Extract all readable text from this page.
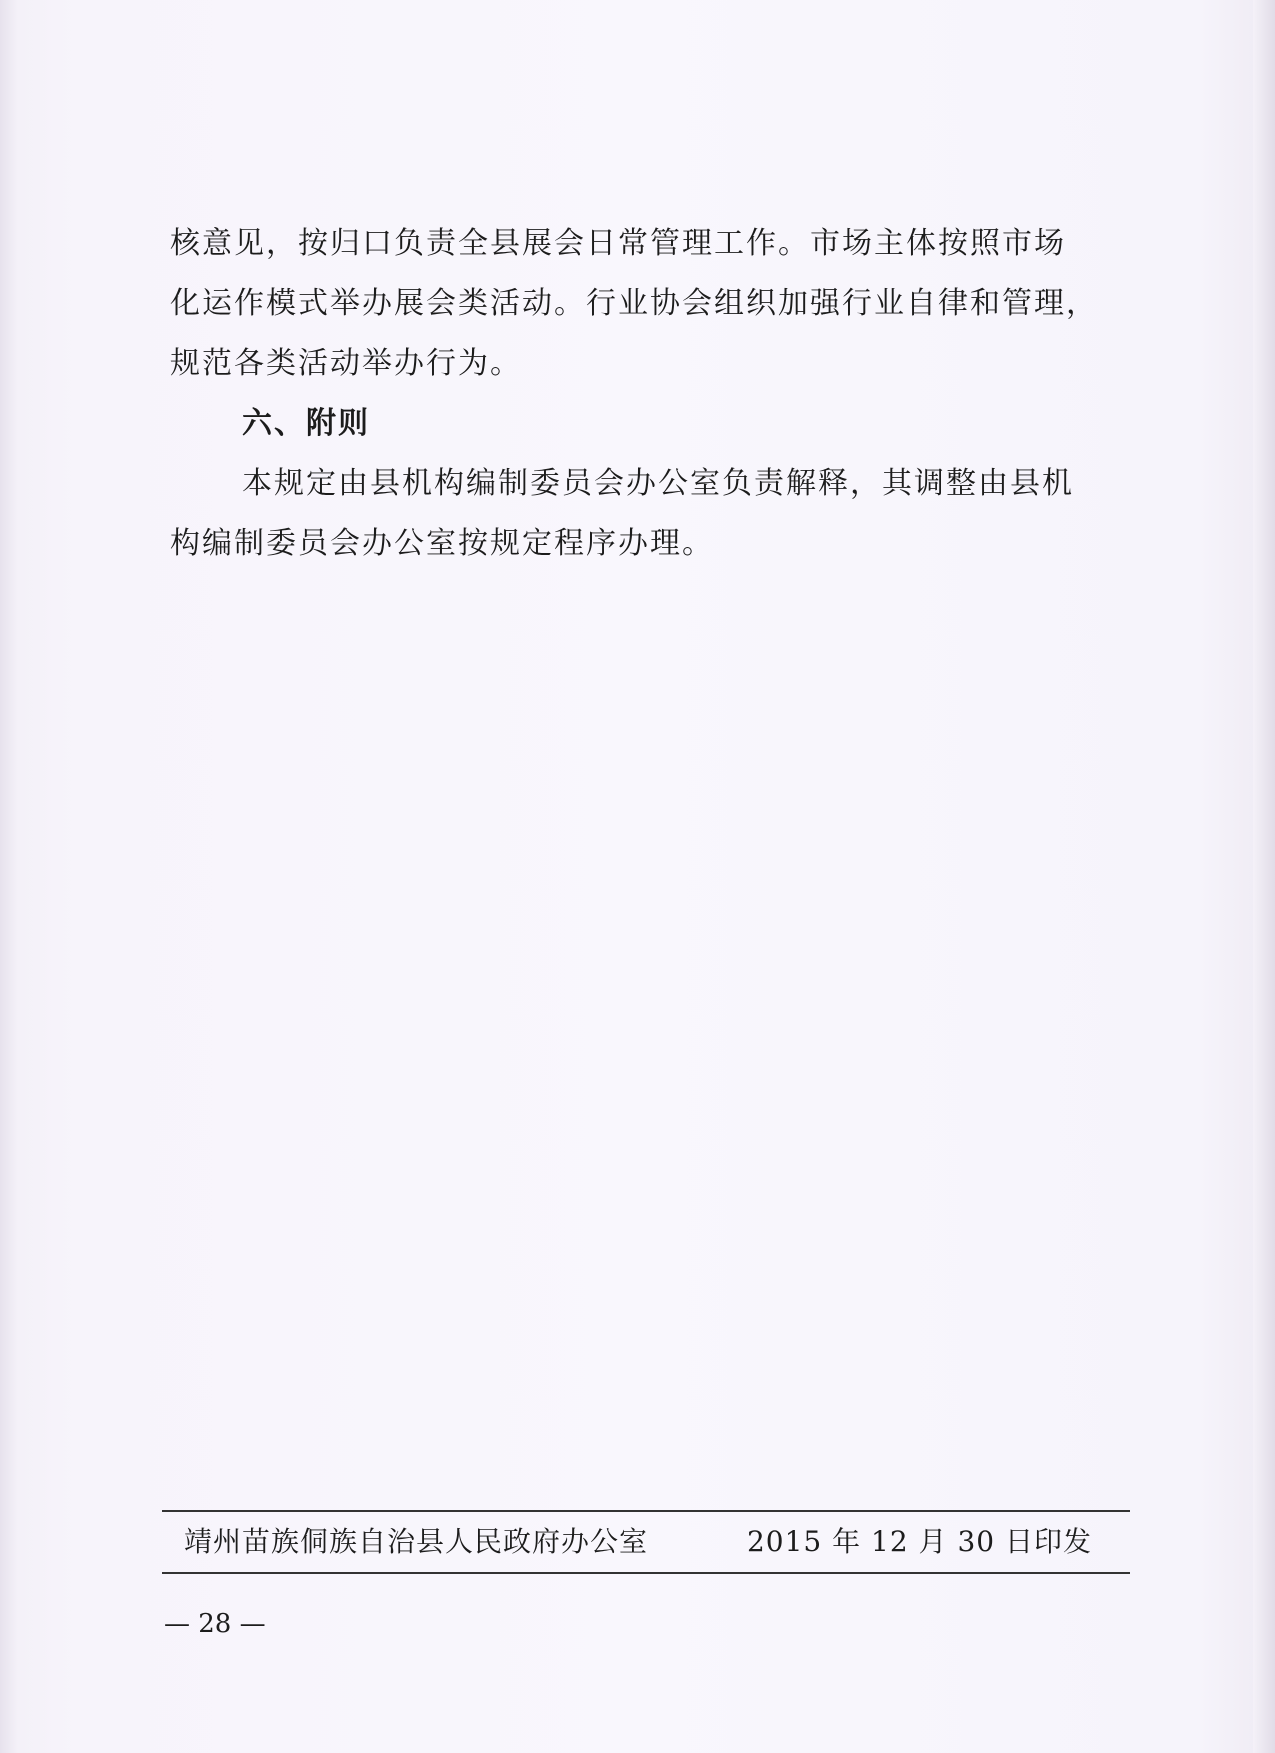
核意见，按归口负责全县展会日常管理工作。市场主体按照市场
化运作模式举办展会类活动。行业协会组织加强行业自律和管理，
规范各类活动举办行为。
六、附则
本规定由县机构编制委员会办公室负责解释，其调整由县机
构编制委员会办公室按规定程序办理。
靖州苗族侗族自治县人民政府办公室	2015 年 12 月 30 日印发
— 28 —
